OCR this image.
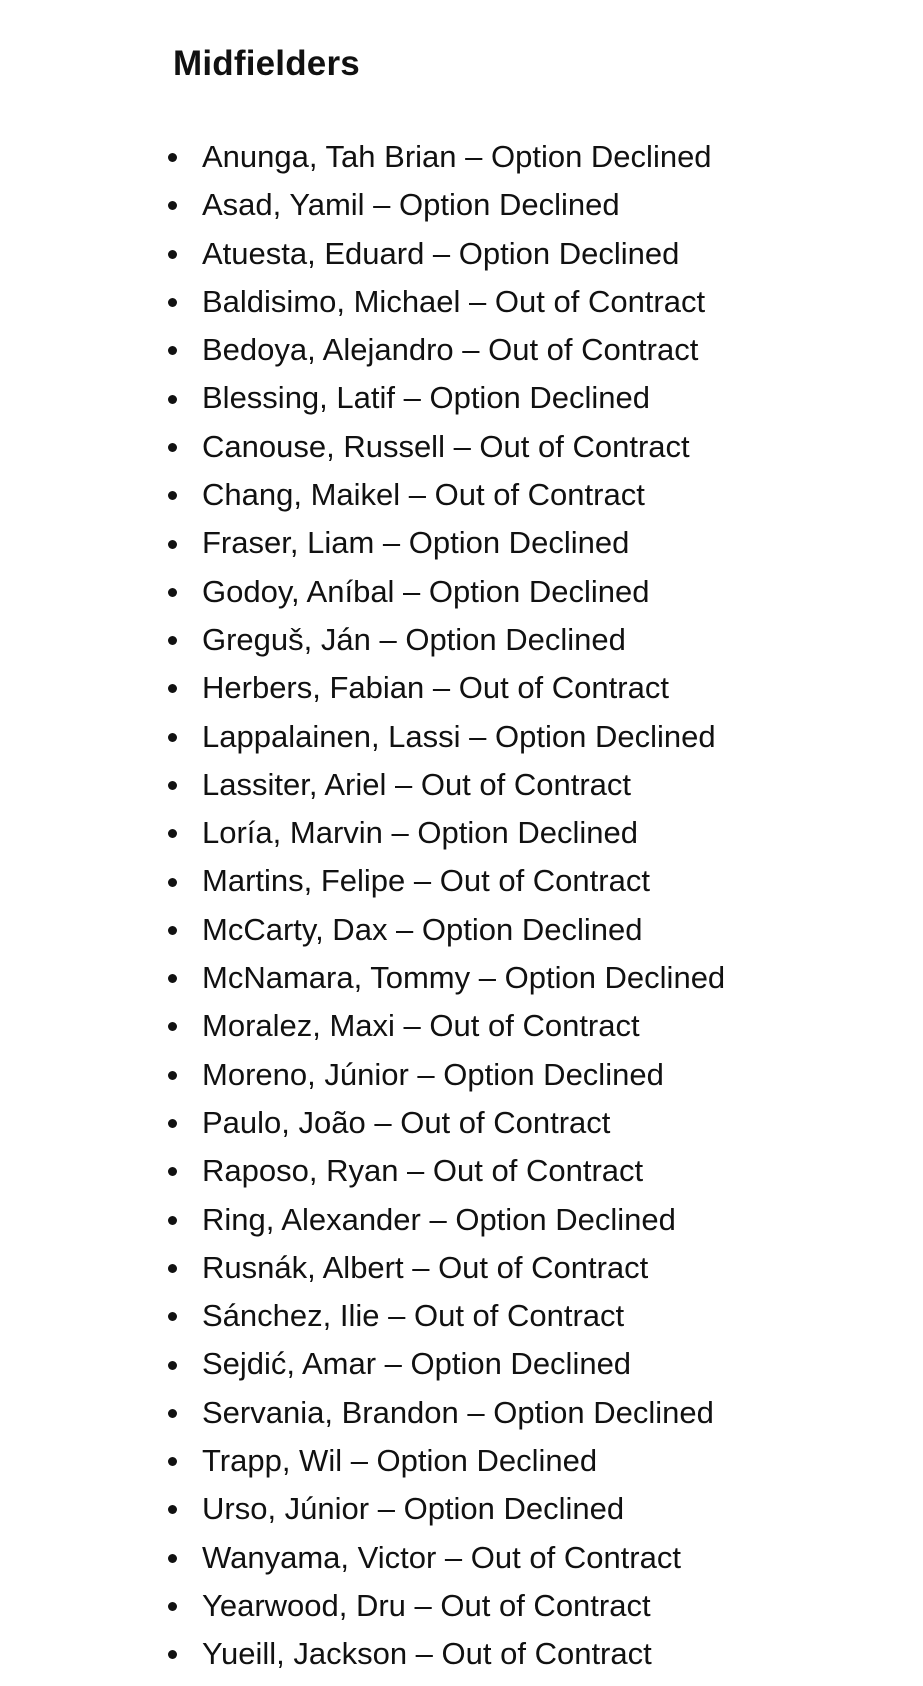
Midfielders
Anunga, Tah Brian – Option Declined
Asad, Yamil – Option Declined
Atuesta, Eduard – Option Declined
Baldisimo, Michael – Out of Contract
Bedoya, Alejandro – Out of Contract
Blessing, Latif – Option Declined
Canouse, Russell – Out of Contract
Chang, Maikel – Out of Contract
Fraser, Liam – Option Declined
Godoy, Aníbal – Option Declined
Greguš, Ján – Option Declined
Herbers, Fabian – Out of Contract
Lappalainen, Lassi – Option Declined
Lassiter, Ariel – Out of Contract
Loría, Marvin – Option Declined
Martins, Felipe – Out of Contract
McCarty, Dax – Option Declined
McNamara, Tommy – Option Declined
Moralez, Maxi – Out of Contract
Moreno, Júnior – Option Declined
Paulo, João – Out of Contract
Raposo, Ryan – Out of Contract
Ring, Alexander – Option Declined
Rusnák, Albert – Out of Contract
Sánchez, Ilie – Out of Contract
Sejdić, Amar – Option Declined
Servania, Brandon – Option Declined
Trapp, Wil – Option Declined
Urso, Júnior – Option Declined
Wanyama, Victor – Out of Contract
Yearwood, Dru – Out of Contract
Yueill, Jackson – Out of Contract
